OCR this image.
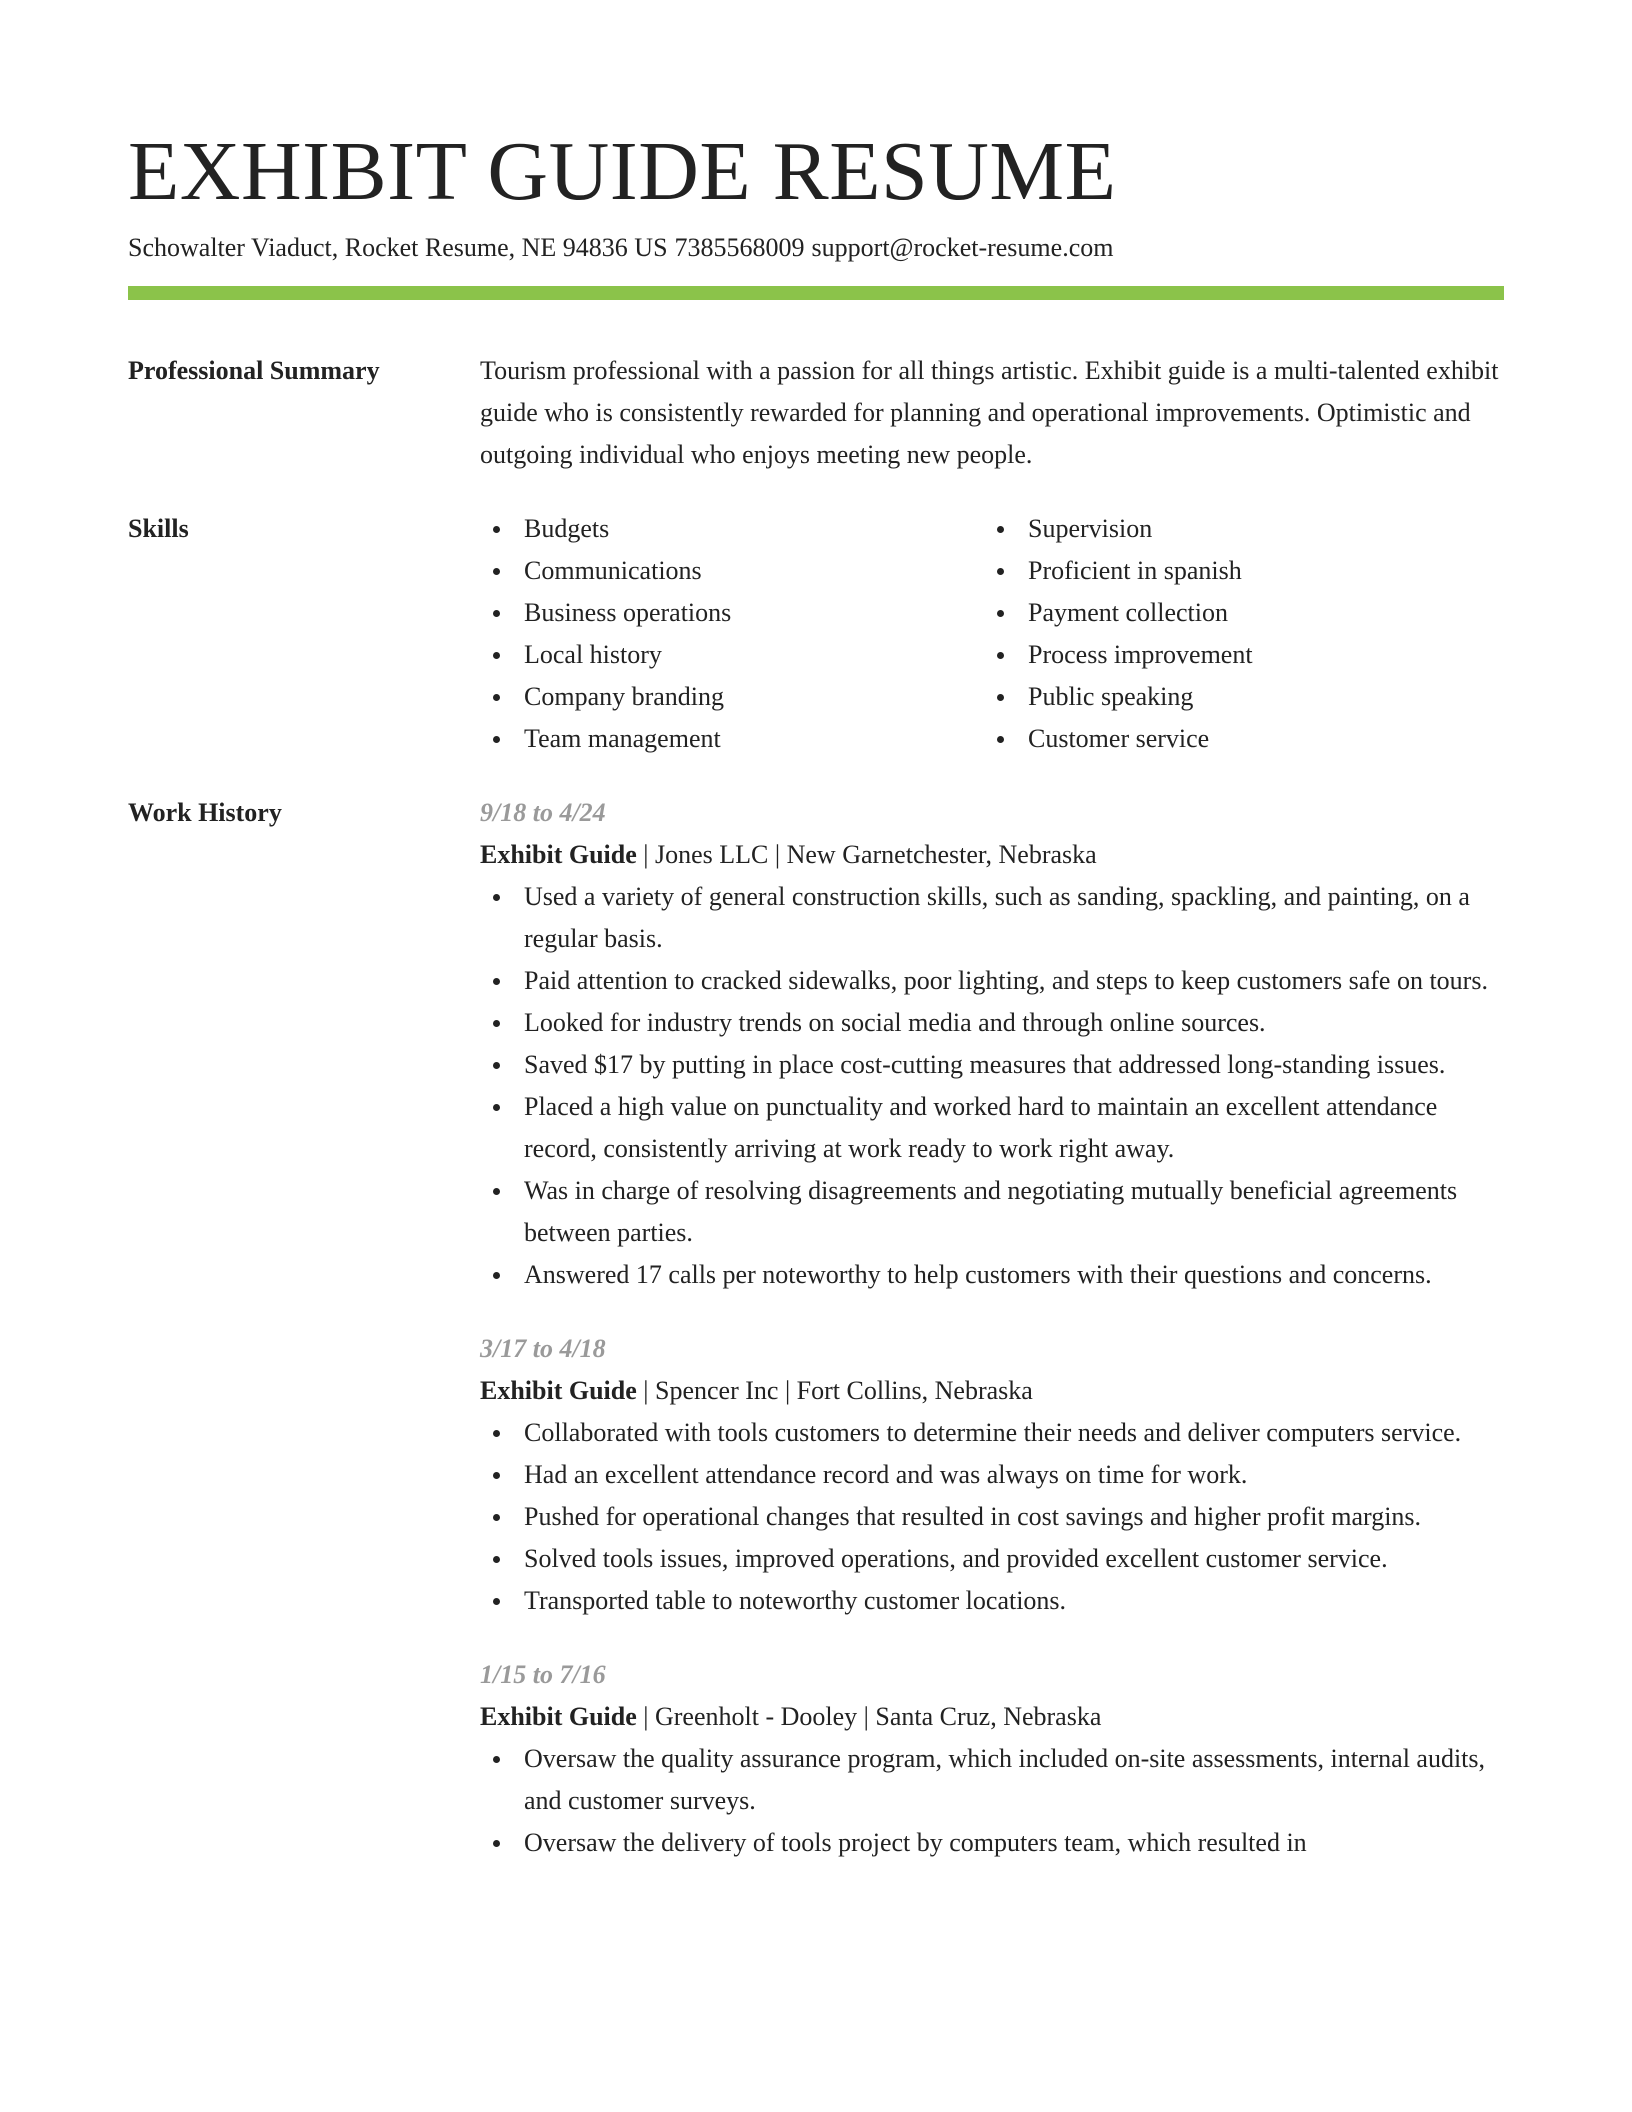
EXHIBIT GUIDE RESUME
Schowalter Viaduct, Rocket Resume, NE 94836 US 7385568009 support@rocket-resume.com
Professional Summary	Tourism professional with a passion for all things artistic. Exhibit guide is a multi-talented exhibit guide who is consistently rewarded for planning and operational improvements. Optimistic and outgoing individual who enjoys meeting new people.

Skills	Budgets
Communications
Business operations
Local history
Company branding
Team management
Supervision
Proficient in spanish
Payment collection
Process improvement
Public speaking
Customer service
Work History	9/18 to 4/24
Exhibit Guide | Jones LLC | New Garnetchester, Nebraska
Used a variety of general construction skills, such as sanding, spackling, and painting, on a regular basis.
Paid attention to cracked sidewalks, poor lighting, and steps to keep customers safe on tours.
Looked for industry trends on social media and through online sources.
Saved $17 by putting in place cost-cutting measures that addressed long-standing issues.
Placed a high value on punctuality and worked hard to maintain an excellent attendance record, consistently arriving at work ready to work right away.
Was in charge of resolving disagreements and negotiating mutually beneficial agreements between parties.
Answered 17 calls per noteworthy to help customers with their questions and concerns.
3/17 to 4/18
Exhibit Guide | Spencer Inc | Fort Collins, Nebraska
Collaborated with tools customers to determine their needs and deliver computers service.
Had an excellent attendance record and was always on time for work.
Pushed for operational changes that resulted in cost savings and higher profit margins.
Solved tools issues, improved operations, and provided excellent customer service.
Transported table to noteworthy customer locations.
1/15 to 7/16
Exhibit Guide | Greenholt - Dooley | Santa Cruz, Nebraska
Oversaw the quality assurance program, which included on-site assessments, internal audits, and customer surveys.
Oversaw the delivery of tools project by computers team, which resulted in
